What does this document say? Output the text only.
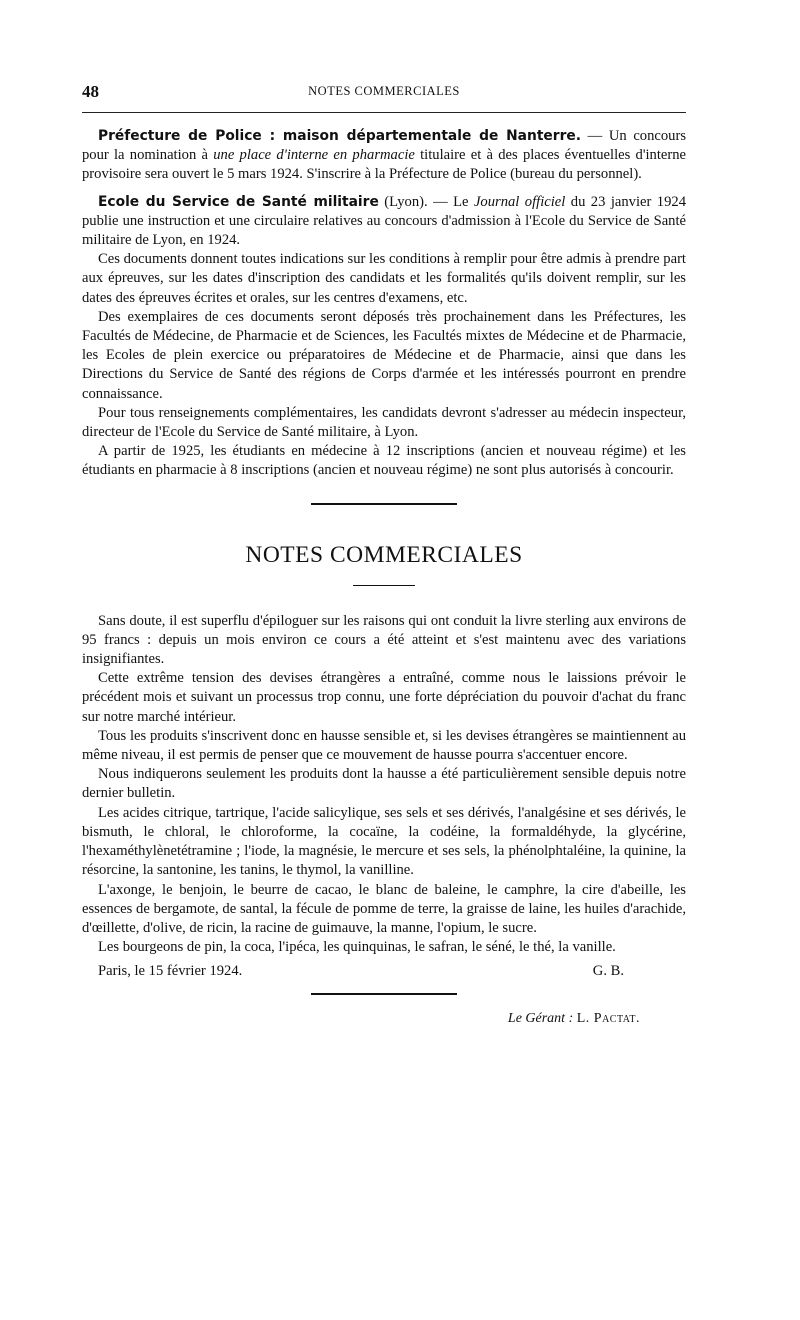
48	NOTES COMMERCIALES

Préfecture de Police : maison départementale de Nanterre. — Un concours pour la nomination à une place d'interne en pharmacie titulaire et à des places éventuelles d'interne provisoire sera ouvert le 5 mars 1924. S'inscrire à la Préfecture de Police (bureau du personnel).

Ecole du Service de Santé militaire (Lyon). — Le Journal officiel du 23 janvier 1924 publie une instruction et une circulaire relatives au concours d'admission à l'Ecole du Service de Santé militaire de Lyon, en 1924.

Ces documents donnent toutes indications sur les conditions à remplir pour être admis à prendre part aux épreuves, sur les dates d'inscription des candidats et les formalités qu'ils doivent remplir, sur les dates des épreuves écrites et orales, sur les centres d'examens, etc.

Des exemplaires de ces documents seront déposés très prochainement dans les Préfectures, les Facultés de Médecine, de Pharmacie et de Sciences, les Facultés mixtes de Médecine et de Pharmacie, les Ecoles de plein exercice ou préparatoires de Médecine et de Pharmacie, ainsi que dans les Directions du Service de Santé des régions de Corps d'armée et les intéressés pourront en prendre connaissance.

Pour tous renseignements complémentaires, les candidats devront s'adresser au médecin inspecteur, directeur de l'Ecole du Service de Santé militaire, à Lyon.

A partir de 1925, les étudiants en médecine à 12 inscriptions (ancien et nouveau régime) et les étudiants en pharmacie à 8 inscriptions (ancien et nouveau régime) ne sont plus autorisés à concourir.

NOTES COMMERCIALES

Sans doute, il est superflu d'épiloguer sur les raisons qui ont conduit la livre sterling aux environs de 95 francs : depuis un mois environ ce cours a été atteint et s'est maintenu avec des variations insignifiantes.

Cette extrême tension des devises étrangères a entraîné, comme nous le laissions prévoir le précédent mois et suivant un processus trop connu, une forte dépréciation du pouvoir d'achat du franc sur notre marché intérieur.

Tous les produits s'inscrivent donc en hausse sensible et, si les devises étrangères se maintiennent au même niveau, il est permis de penser que ce mouvement de hausse pourra s'accentuer encore.

Nous indiquerons seulement les produits dont la hausse a été particulièrement sensible depuis notre dernier bulletin.

Les acides citrique, tartrique, l'acide salicylique, ses sels et ses dérivés, l'analgésine et ses dérivés, le bismuth, le chloral, le chloroforme, la cocaïne, la codéine, la formaldéhyde, la glycérine, l'hexaméthylènetétramine ; l'iode, la magnésie, le mercure et ses sels, la phénolphtaléine, la quinine, la résorcine, la santonine, les tanins, le thymol, la vanilline.

L'axonge, le benjoin, le beurre de cacao, le blanc de baleine, le camphre, la cire d'abeille, les essences de bergamote, de santal, la fécule de pomme de terre, la graisse de laine, les huiles d'arachide, d'œillette, d'olive, de ricin, la racine de guimauve, la manne, l'opium, le sucre.

Les bourgeons de pin, la coca, l'ipéca, les quinquinas, le safran, le séné, le thé, la vanille.

Paris, le 15 février 1924.	G. B.
Le Gérant : L. Pactat.
